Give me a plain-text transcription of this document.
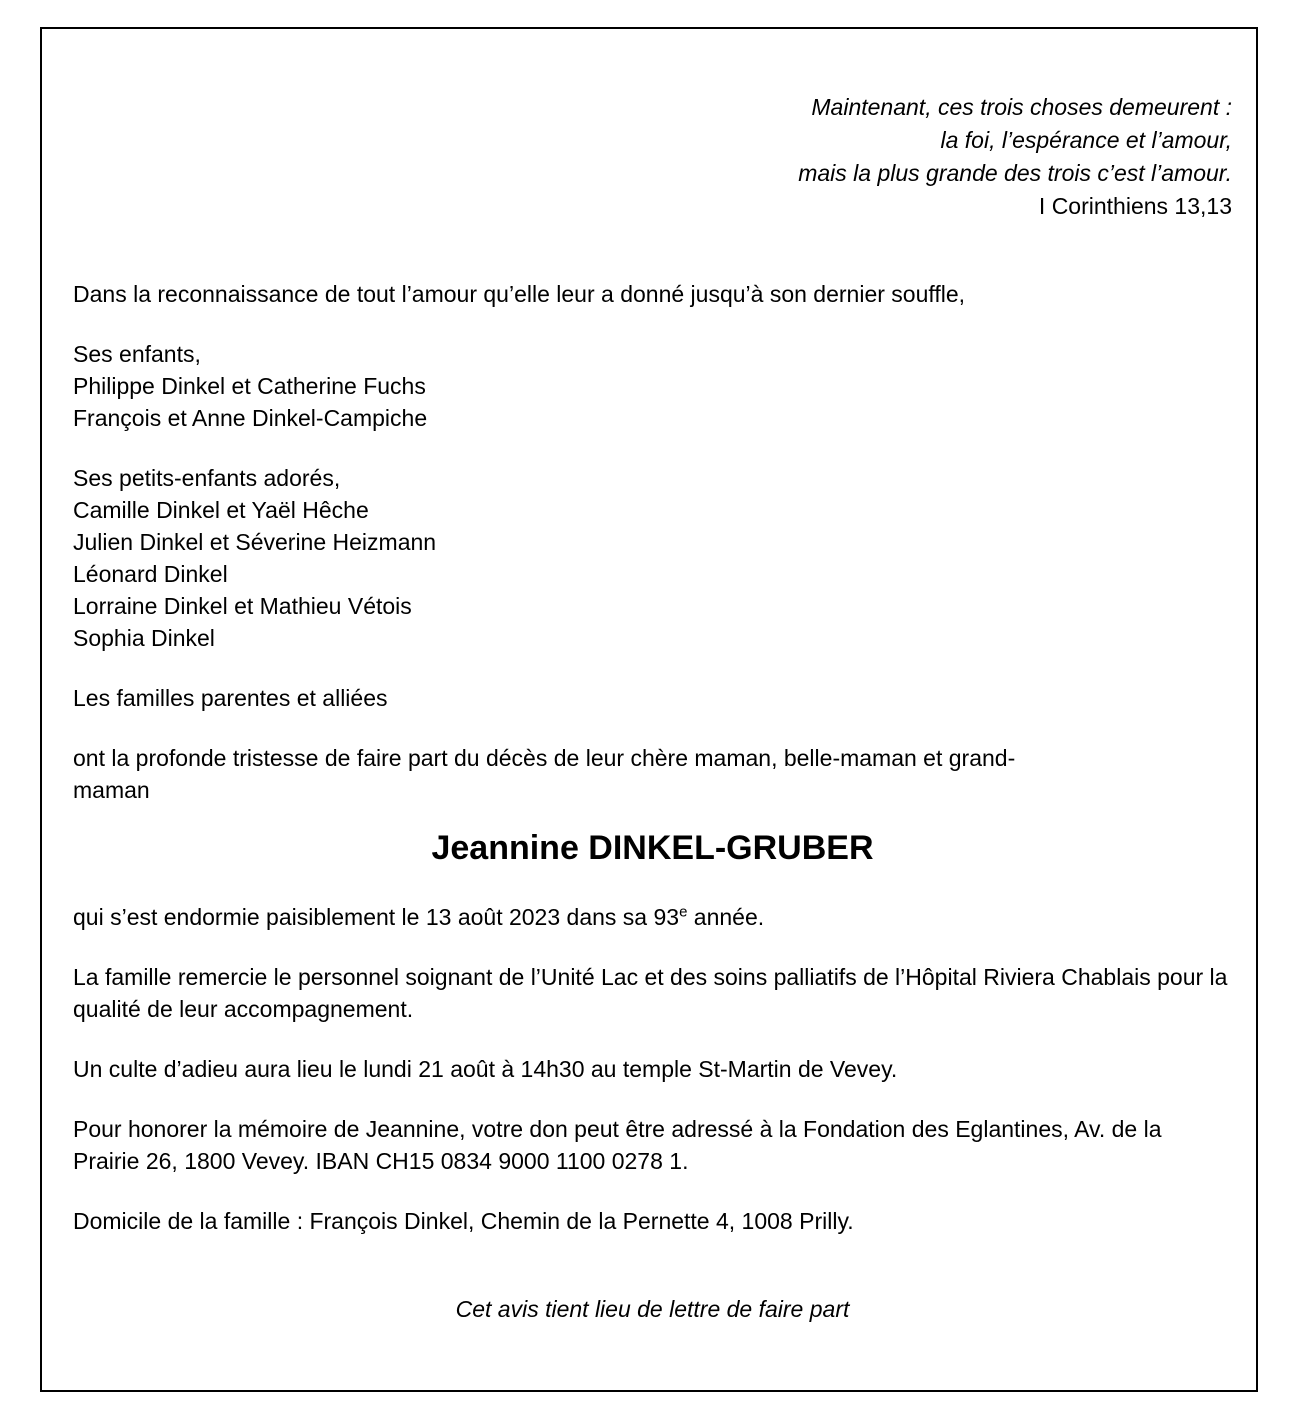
Maintenant, ces trois choses demeurent :
la foi, l’espérance et l’amour,
mais la plus grande des trois c’est l’amour.
I Corinthiens 13,13
Dans la reconnaissance de tout l’amour qu’elle leur a donné jusqu’à son dernier souffle,
Ses enfants,
Philippe Dinkel et Catherine Fuchs
François et Anne Dinkel-Campiche
Ses petits-enfants adorés,
Camille Dinkel et Yaël Hêche
Julien Dinkel et Séverine Heizmann
Léonard Dinkel
Lorraine Dinkel et Mathieu Vétois
Sophia Dinkel
Les familles parentes et alliées
ont la profonde tristesse de faire part du décès de leur chère maman, belle-maman et grand-maman
Jeannine DINKEL-GRUBER
qui s’est endormie paisiblement le 13 août 2023 dans sa 93e année.
La famille remercie le personnel soignant de l’Unité Lac et des soins palliatifs de l’Hôpital Riviera Chablais pour la qualité de leur accompagnement.
Un culte d’adieu aura lieu le lundi 21 août à 14h30 au temple St-Martin de Vevey.
Pour honorer la mémoire de Jeannine, votre don peut être adressé à la Fondation des Eglantines, Av. de la Prairie 26, 1800 Vevey. IBAN CH15 0834 9000 1100 0278 1.
Domicile de la famille : François Dinkel, Chemin de la Pernette 4, 1008 Prilly.
Cet avis tient lieu de lettre de faire part
